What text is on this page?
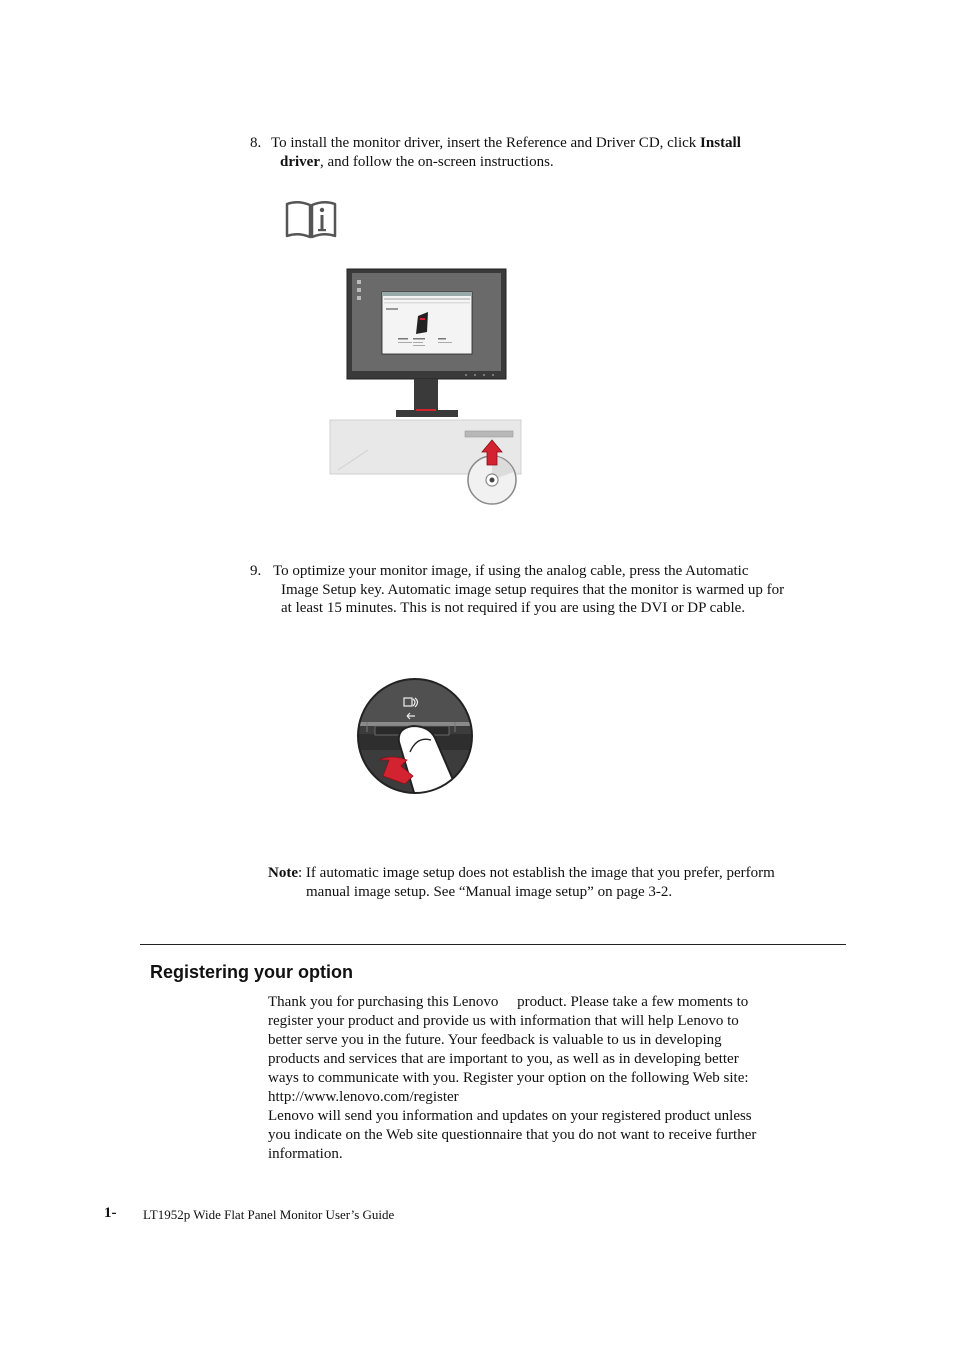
8. To install the monitor driver, insert the Reference and Driver CD, click Install
driver, and follow the on-screen instructions.
9. To optimize your monitor image, if using the analog cable, press the Automatic
Image Setup key. Automatic image setup requires that the monitor is warmed up for
at least 15 minutes. This is not required if you are using the DVI or DP cable.
Note: If automatic image setup does not establish the image that you prefer, perform
manual image setup. See “Manual image setup” on page 3-2.
Registering your option
Thank you for purchasing this Lenovo     product. Please take a few moments to
register your product and provide us with information that will help Lenovo to
better serve you in the future. Your feedback is valuable to us in developing
products and services that are important to you, as well as in developing better
ways to communicate with you. Register your option on the following Web site:
http://www.lenovo.com/register
Lenovo will send you information and updates on your registered product unless
you indicate on the Web site questionnaire that you do not want to receive further
information.
1- LT1952p Wide Flat Panel Monitor User’s Guide
